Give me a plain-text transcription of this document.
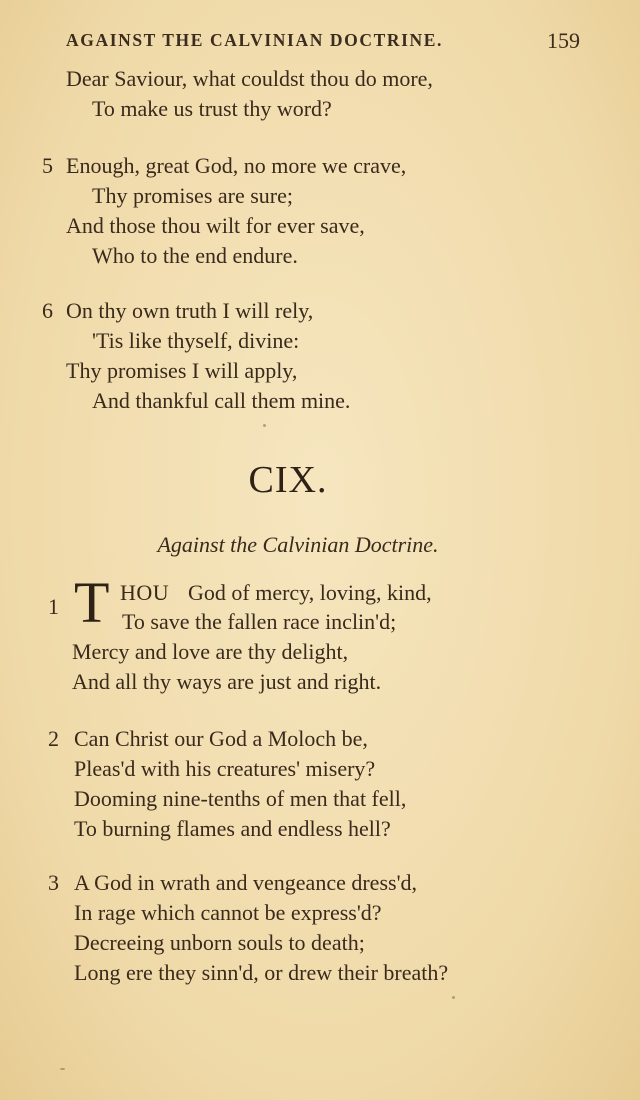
AGAINST THE CALVINIAN DOCTRINE.	159
Dear Saviour, what couldst thou do more,
To make us trust thy word?
5 Enough, great God, no more we crave,
Thy promises are sure;
And those thou wilt for ever save,
Who to the end endure.
6 On thy own truth I will rely,
'Tis like thyself, divine:
Thy promises I will apply,
And thankful call them mine.
CIX.
Against the Calvinian Doctrine.
1 T HOU God of mercy, loving, kind,
To save the fallen race inclin'd;
Mercy and love are thy delight,
And all thy ways are just and right.
2 Can Christ our God a Moloch be,
Pleas'd with his creatures' misery?
Dooming nine-tenths of men that fell,
To burning flames and endless hell?
3 A God in wrath and vengeance dress'd,
In rage which cannot be express'd?
Decreeing unborn souls to death;
Long ere they sinn'd, or drew their breath?
